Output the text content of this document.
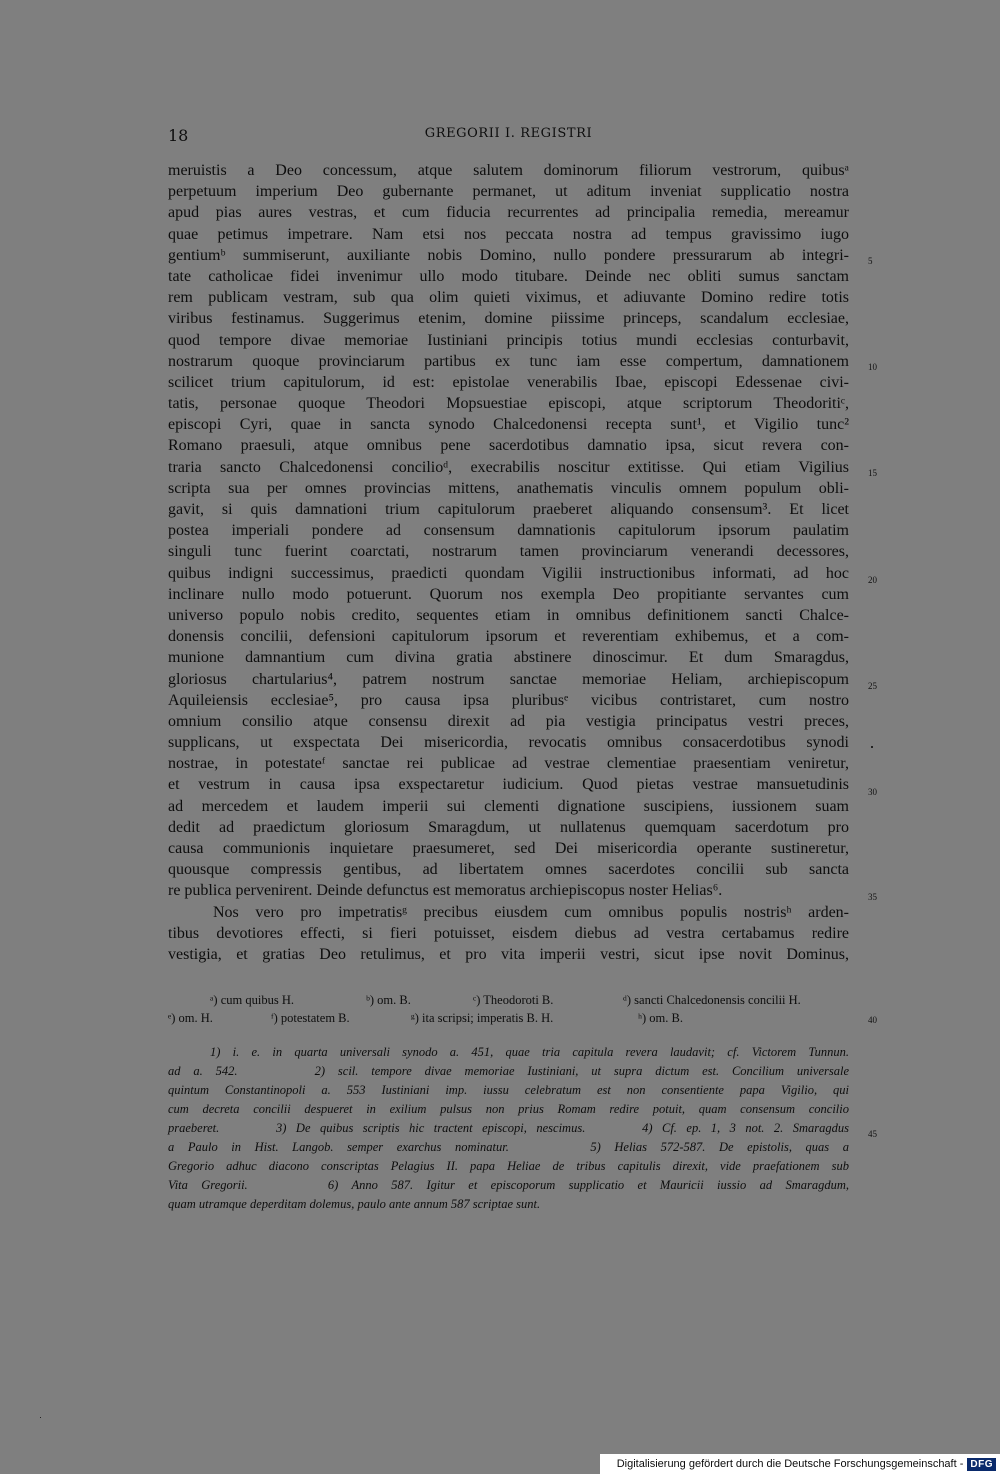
18	GREGORII I. REGISTRI
meruistis a Deo concessum, atque salutem dominorum filiorum vestrorum, quibusᵃ
perpetuum imperium Deo gubernante permanet, ut aditum inveniat supplicatio nostra
apud pias aures vestras, et cum fiducia recurrentes ad principalia remedia, mereamur
quae petimus impetrare. Nam etsi nos peccata nostra ad tempus gravissimo iugo
gentiumᵇ summiserunt, auxiliante nobis Domino, nullo pondere pressurarum ab integri-
tate catholicae fidei invenimur ullo modo titubare. Deinde nec obliti sumus sanctam
rem publicam vestram, sub qua olim quieti viximus, et adiuvante Domino redire totis
viribus festinamus. Suggerimus etenim, domine piissime princeps, scandalum ecclesiae,
quod tempore divae memoriae Iustiniani principis totius mundi ecclesias conturbavit,
nostrarum quoque provinciarum partibus ex tunc iam esse compertum, damnationem
scilicet trium capitulorum, id est: epistolae venerabilis Ibae, episcopi Edessenae civi-
tatis, personae quoque Theodori Mopsuestiae episcopi, atque scriptorum Theodoritiᶜ,
episcopi Cyri, quae in sancta synodo Chalcedonensi recepta sunt¹, et Vigilio tunc²
Romano praesuli, atque omnibus pene sacerdotibus damnatio ipsa, sicut revera con-
traria sancto Chalcedonensi concilioᵈ, execrabilis noscitur extitisse. Qui etiam Vigilius
scripta sua per omnes provincias mittens, anathematis vinculis omnem populum obli-
gavit, si quis damnationi trium capitulorum praeberet aliquando consensum³. Et licet
postea imperiali pondere ad consensum damnationis capitulorum ipsorum paulatim
singuli tunc fuerint coarctati, nostrarum tamen provinciarum venerandi decessores,
quibus indigni successimus, praedicti quondam Vigilii instructionibus informati, ad hoc
inclinare nullo modo potuerunt. Quorum nos exempla Deo propitiante servantes cum
universo populo nobis credito, sequentes etiam in omnibus definitionem sancti Chalce-
donensis concilii, defensioni capitulorum ipsorum et reverentiam exhibemus, et a com-
munione damnantium cum divina gratia abstinere dinoscimur. Et dum Smaragdus,
gloriosus chartularius⁴, patrem nostrum sanctae memoriae Heliam, archiepiscopum
Aquileiensis ecclesiae⁵, pro causa ipsa pluribusᵉ vicibus contristaret, cum nostro
omnium consilio atque consensu direxit ad pia vestigia principatus vestri preces,
supplicans, ut exspectata Dei misericordia, revocatis omnibus consacerdotibus synodi
nostrae, in potestateᶠ sanctae rei publicae ad vestrae clementiae praesentiam veniretur,
et vestrum in causa ipsa exspectaretur iudicium. Quod pietas vestrae mansuetudinis
ad mercedem et laudem imperii sui clementi dignatione suscipiens, iussionem suam
dedit ad praedictum gloriosum Smaragdum, ut nullatenus quemquam sacerdotum pro
causa communionis inquietare praesumeret, sed Dei misericordia operante sustineretur,
quousque compressis gentibus, ad libertatem omnes sacerdotes concilii sub sancta
re publica pervenirent. Deinde defunctus est memoratus archiepiscopus noster Helias⁶.
Nos vero pro impetratisᵍ precibus eiusdem cum omnibus populis nostrisʰ arden-
tibus devotiores effecti, si fieri potuisset, eisdem diebus ad vestra certabamus redire
vestigia, et gratias Deo retulimus, et pro vita imperii vestri, sicut ipse novit Dominus,
5
10
15
20
25
30
35
40
45
ᵃ) cum quibus H.	ᵇ) om. B.	ᶜ) Theodoroti B.	ᵈ) sancti Chalcedonensis concilii H.
ᵉ) om. H.	ᶠ) potestatem B.	ᵍ) ita scripsi; imperatis B. H.	ʰ) om. B.
1) i. e. in quarta universali synodo a. 451, quae tria capitula revera laudavit; cf. Victorem Tunnun.
ad a. 542.      2) scil. tempore divae memoriae Iustiniani, ut supra dictum est. Concilium universale
quintum Constantinopoli a. 553 Iustiniani imp. iussu celebratum est non consentiente papa Vigilio, qui
cum decreta concilii despueret in exilium pulsus non prius Romam redire potuit, quam consensum concilio
praeberet.      3) De quibus scriptis hic tractent episcopi, nescimus.      4) Cf. ep. 1, 3 not. 2. Smaragdus
a Paulo in Hist. Langob. semper exarchus nominatur.      5) Helias 572-587. De epistolis, quas a
Gregorio adhuc diacono conscriptas Pelagius II. papa Heliae de tribus capitulis direxit, vide praefationem sub
Vita Gregorii.      6) Anno 587. Igitur et episcoporum supplicatio et Mauricii iussio ad Smaragdum,
quam utramque deperditam dolemus, paulo ante annum 587 scriptae sunt.
Digitalisierung gefördert durch die Deutsche Forschungsgemeinschaft - DFG
